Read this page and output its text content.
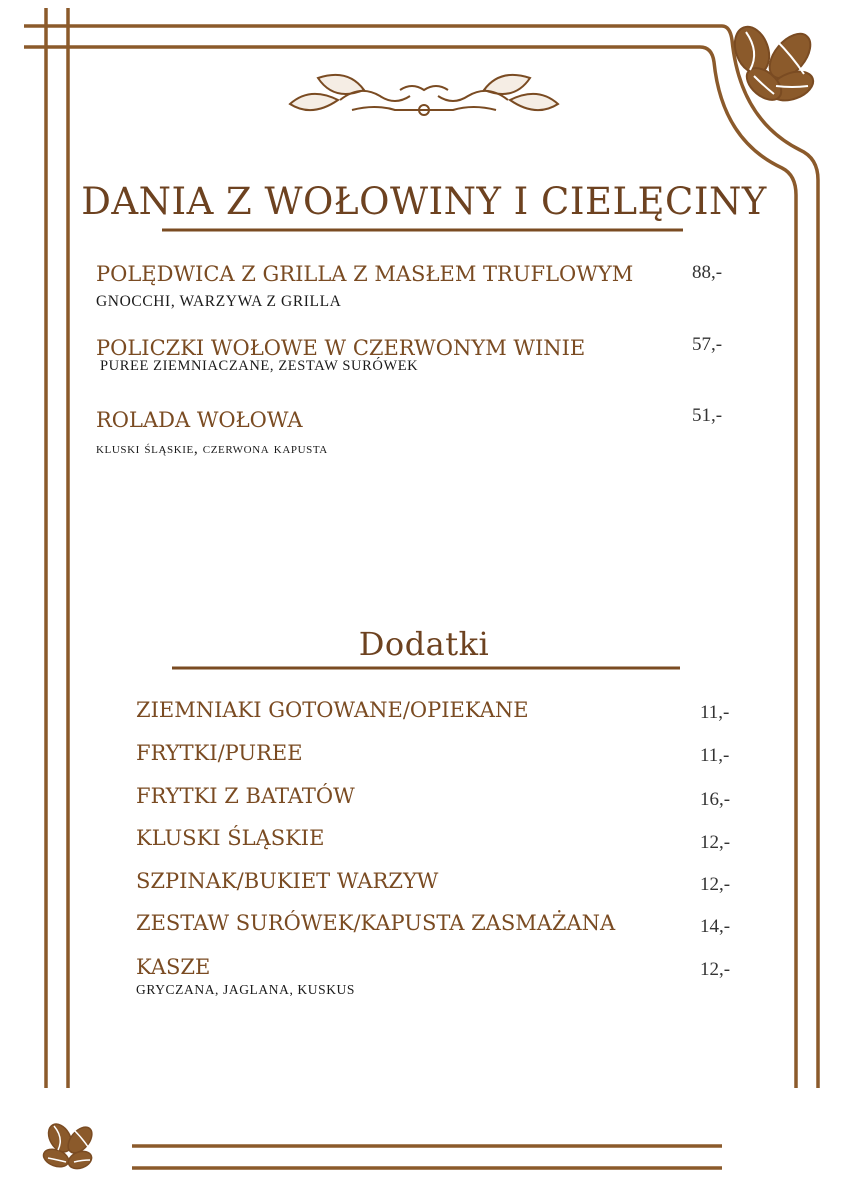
DANIA Z WOŁOWINY I CIELĘCINY
POLĘDWICA Z GRILLA Z MASŁEM TRUFLOWYM
GNOCCHI, WARZYWA Z GRILLA
88,-
POLICZKI WOŁOWE W CZERWONYM WINIE
PUREE ZIEMNIACZANE, ZESTAW SURÓWEK
57,-
ROLADA WOŁOWA
kluski śląskie, czerwona kapusta
51,-
Dodatki
ZIEMNIAKI GOTOWANE/OPIEKANE	11,-
FRYTKI/PUREE	11,-
FRYTKI Z BATATÓW	16,-
KLUSKI ŚLĄSKIE	12,-
SZPINAK/BUKIET WARZYW	12,-
ZESTAW SURÓWEK/KAPUSTA ZASMAŻANA	14,-
KASZE
GRYCZANA, JAGLANA, KUSKUS
12,-
